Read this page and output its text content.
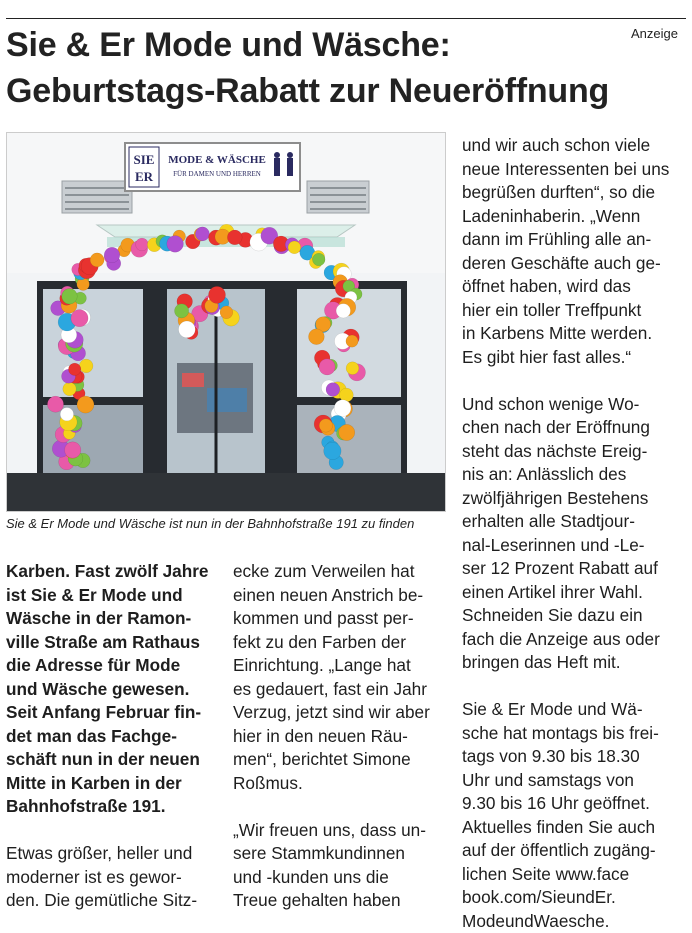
Anzeige
Sie & Er Mode und Wäsche:
Geburtstags-Rabatt zur Neueröffnung
SIE
ER
MODE & WÄSCHE
FÜR DAMEN UND HERREN
Sie & Er Mode und Wäsche ist nun in der Bahnhofstraße 191 zu finden

Karben. Fast zwölf Jahre

ist Sie & Er Mode und

Wäsche in der Ramon-

ville Straße am Rathaus

die Adresse für Mode

und Wäsche gewesen.

Seit Anfang Februar fin-

det man das Fachge-

schäft nun in der neuen

Mitte in Karben in der

Bahnhofstraße 191.

Etwas größer, heller und

moderner ist es gewor-

den. Die gemütliche Sitz-

ecke zum Verweilen hat

einen neuen Anstrich be-

kommen und passt per-

fekt zu den Farben der

Einrichtung. „Lange hat

es gedauert, fast ein Jahr

Verzug, jetzt sind wir aber

hier in den neuen Räu-

men“, berichtet Simone

Roßmus.

„Wir freuen uns, dass un-

sere Stammkundinnen

und -kunden uns die

Treue gehalten haben

und wir auch schon viele

neue Interessenten bei uns

begrüßen durften“, so die

Ladeninhaberin. „Wenn

dann im Frühling alle an-

deren Geschäfte auch ge-

öffnet haben, wird das

hier ein toller Treffpunkt

in Karbens Mitte werden.

Es gibt hier fast alles.“

Und schon wenige Wo-

chen nach der Eröffnung

steht das nächste Ereig-

nis an: Anlässlich des

zwölfjährigen Bestehens

erhalten alle Stadtjour-

nal-Leserinnen und -Le-

ser 12 Prozent Rabatt auf

einen Artikel ihrer Wahl.

Schneiden Sie dazu ein

fach die Anzeige aus oder

bringen das Heft mit.

Sie & Er Mode und Wä-

sche hat montags bis frei-

tags von 9.30 bis 18.30

Uhr und samstags von

9.30 bis 16 Uhr geöffnet.

Aktuelles finden Sie auch

auf der öffentlich zugäng-

lichen Seite www.face

book.com/SieundEr.

ModeundWaesche.
